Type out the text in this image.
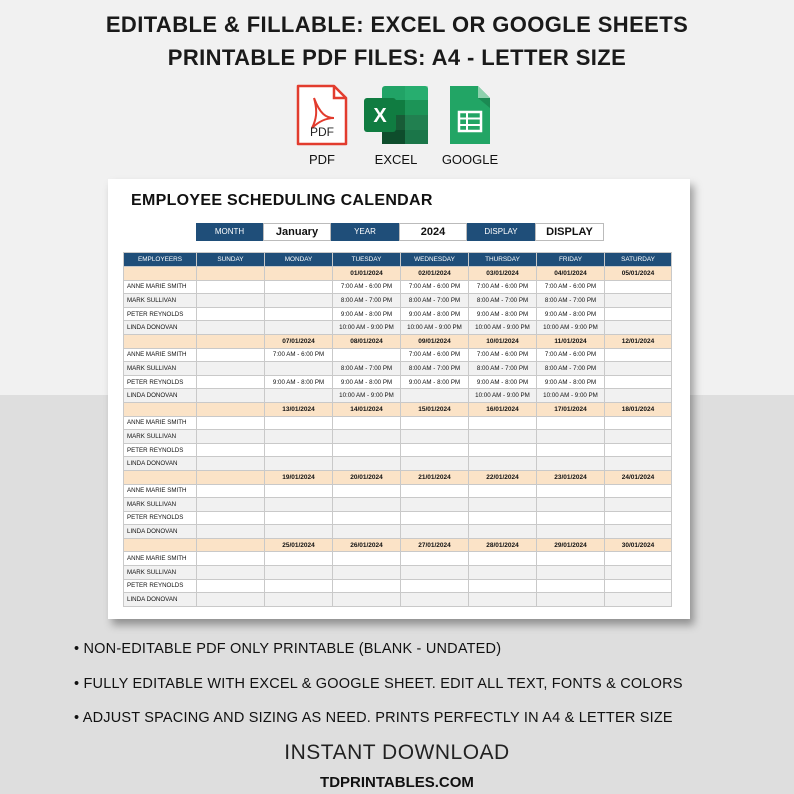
EDITABLE & FILLABLE: EXCEL OR GOOGLE SHEETS
PRINTABLE PDF FILES: A4 - LETTER SIZE
PDF
PDF
X
EXCEL	GOOGLE
EMPLOYEE SCHEDULING CALENDAR
MONTH	January	YEAR	2024	DISPLAY	DISPLAY
EMPLOYEERS	SUNDAY	MONDAY	TUESDAY	WEDNESDAY	THURSDAY	FRIDAY	SATURDAY
			01/01/2024	02/01/2024	03/01/2024	04/01/2024	05/01/2024
ANNE MARIE SMITH			7:00 AM - 6:00 PM	7:00 AM - 6:00 PM	7:00 AM - 6:00 PM	7:00 AM - 6:00 PM	
MARK SULLIVAN			8:00 AM - 7:00 PM	8:00 AM - 7:00 PM	8:00 AM - 7:00 PM	8:00 AM - 7:00 PM	
PETER REYNOLDS			9:00 AM - 8:00 PM	9:00 AM - 8:00 PM	9:00 AM - 8:00 PM	9:00 AM - 8:00 PM	
LINDA DONOVAN			10:00 AM - 9:00 PM	10:00 AM - 9:00 PM	10:00 AM - 9:00 PM	10:00 AM - 9:00 PM	
		07/01/2024	08/01/2024	09/01/2024	10/01/2024	11/01/2024	12/01/2024
ANNE MARIE SMITH		7:00 AM - 6:00 PM		7:00 AM - 6:00 PM	7:00 AM - 6:00 PM	7:00 AM - 6:00 PM	
MARK SULLIVAN			8:00 AM - 7:00 PM	8:00 AM - 7:00 PM	8:00 AM - 7:00 PM	8:00 AM - 7:00 PM	
PETER REYNOLDS		9:00 AM - 8:00 PM	9:00 AM - 8:00 PM	9:00 AM - 8:00 PM	9:00 AM - 8:00 PM	9:00 AM - 8:00 PM	
LINDA DONOVAN			10:00 AM - 9:00 PM		10:00 AM - 9:00 PM	10:00 AM - 9:00 PM	
		13/01/2024	14/01/2024	15/01/2024	16/01/2024	17/01/2024	18/01/2024
ANNE MARIE SMITH							
MARK SULLIVAN							
PETER REYNOLDS							
LINDA DONOVAN							
		19/01/2024	20/01/2024	21/01/2024	22/01/2024	23/01/2024	24/01/2024
ANNE MARIE SMITH							
MARK SULLIVAN							
PETER REYNOLDS							
LINDA DONOVAN							
		25/01/2024	26/01/2024	27/01/2024	28/01/2024	29/01/2024	30/01/2024
ANNE MARIE SMITH							
MARK SULLIVAN							
PETER REYNOLDS							
LINDA DONOVAN							
• NON-EDITABLE PDF ONLY PRINTABLE (BLANK - UNDATED)
• FULLY EDITABLE WITH EXCEL & GOOGLE SHEET. EDIT ALL TEXT, FONTS & COLORS
• ADJUST SPACING AND SIZING AS NEED. PRINTS PERFECTLY IN A4 & LETTER SIZE
INSTANT DOWNLOAD
TDPRINTABLES.COM
